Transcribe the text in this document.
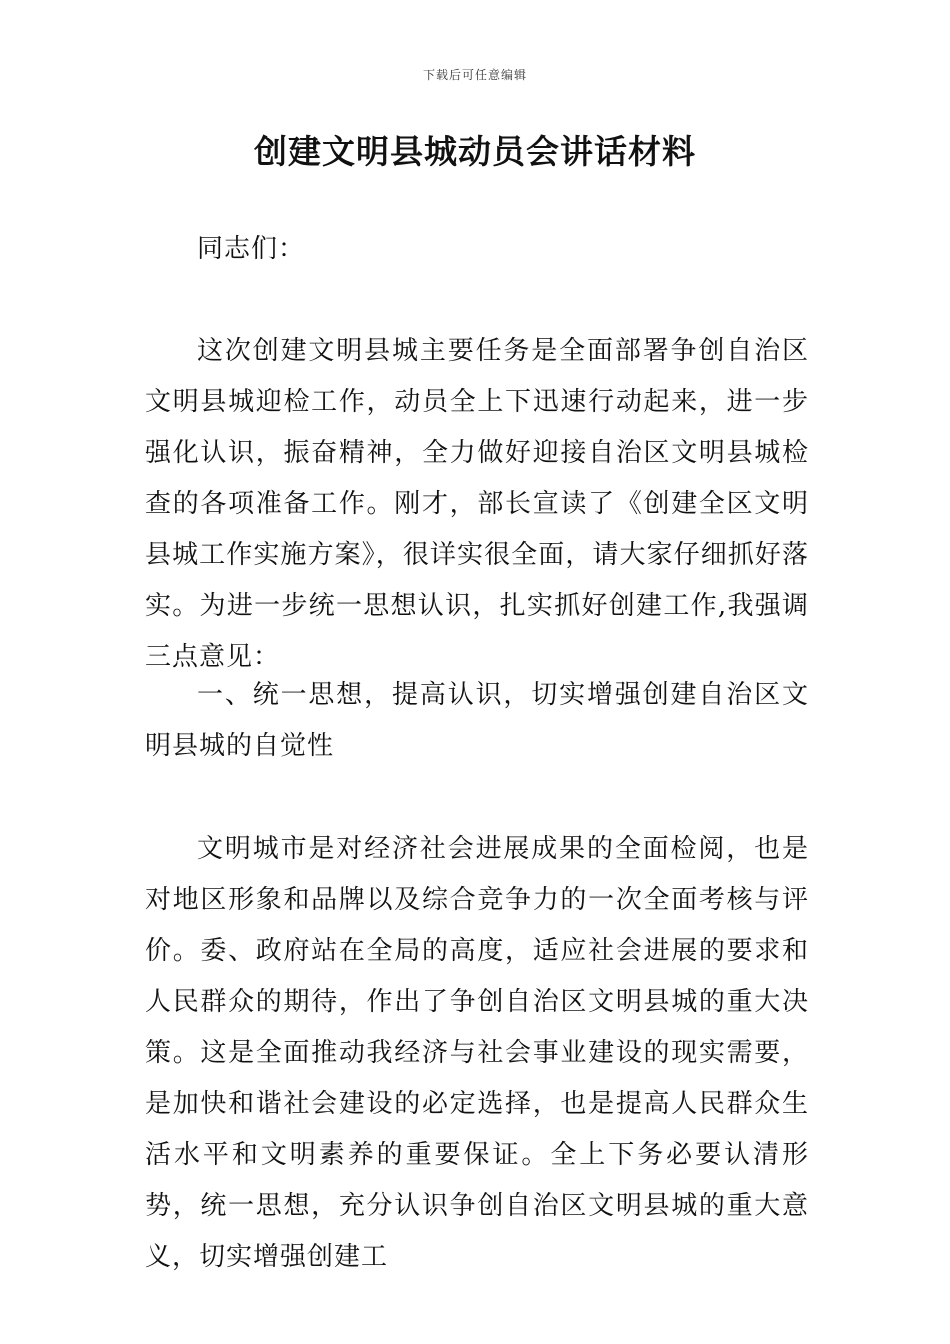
下载后可任意编辑
创建文明县城动员会讲话材料

同志们：

这次创建文明县城主要任务是全面部署争创自治区文明县城迎检工作，动员全上下迅速行动起来，进一步强化认识，振奋精神，全力做好迎接自治区文明县城检查的各项准备工作。刚才，部长宣读了《创建全区文明县城工作实施方案》，很详实很全面，请大家仔细抓好落实。为进一步统一思想认识，扎实抓好创建工作,我强调三点意见：

一、统一思想，提高认识，切实增强创建自治区文明县城的自觉性

文明城市是对经济社会进展成果的全面检阅，也是对地区形象和品牌以及综合竞争力的一次全面考核与评价。委、政府站在全局的高度，适应社会进展的要求和人民群众的期待，作出了争创自治区文明县城的重大决策。这是全面推动我经济与社会事业建设的现实需要，是加快和谐社会建设的必定选择，也是提高人民群众生活水平和文明素养的重要保证。全上下务必要认清形势，统一思想，充分认识争创自治区文明县城的重大意义，切实增强创建工
